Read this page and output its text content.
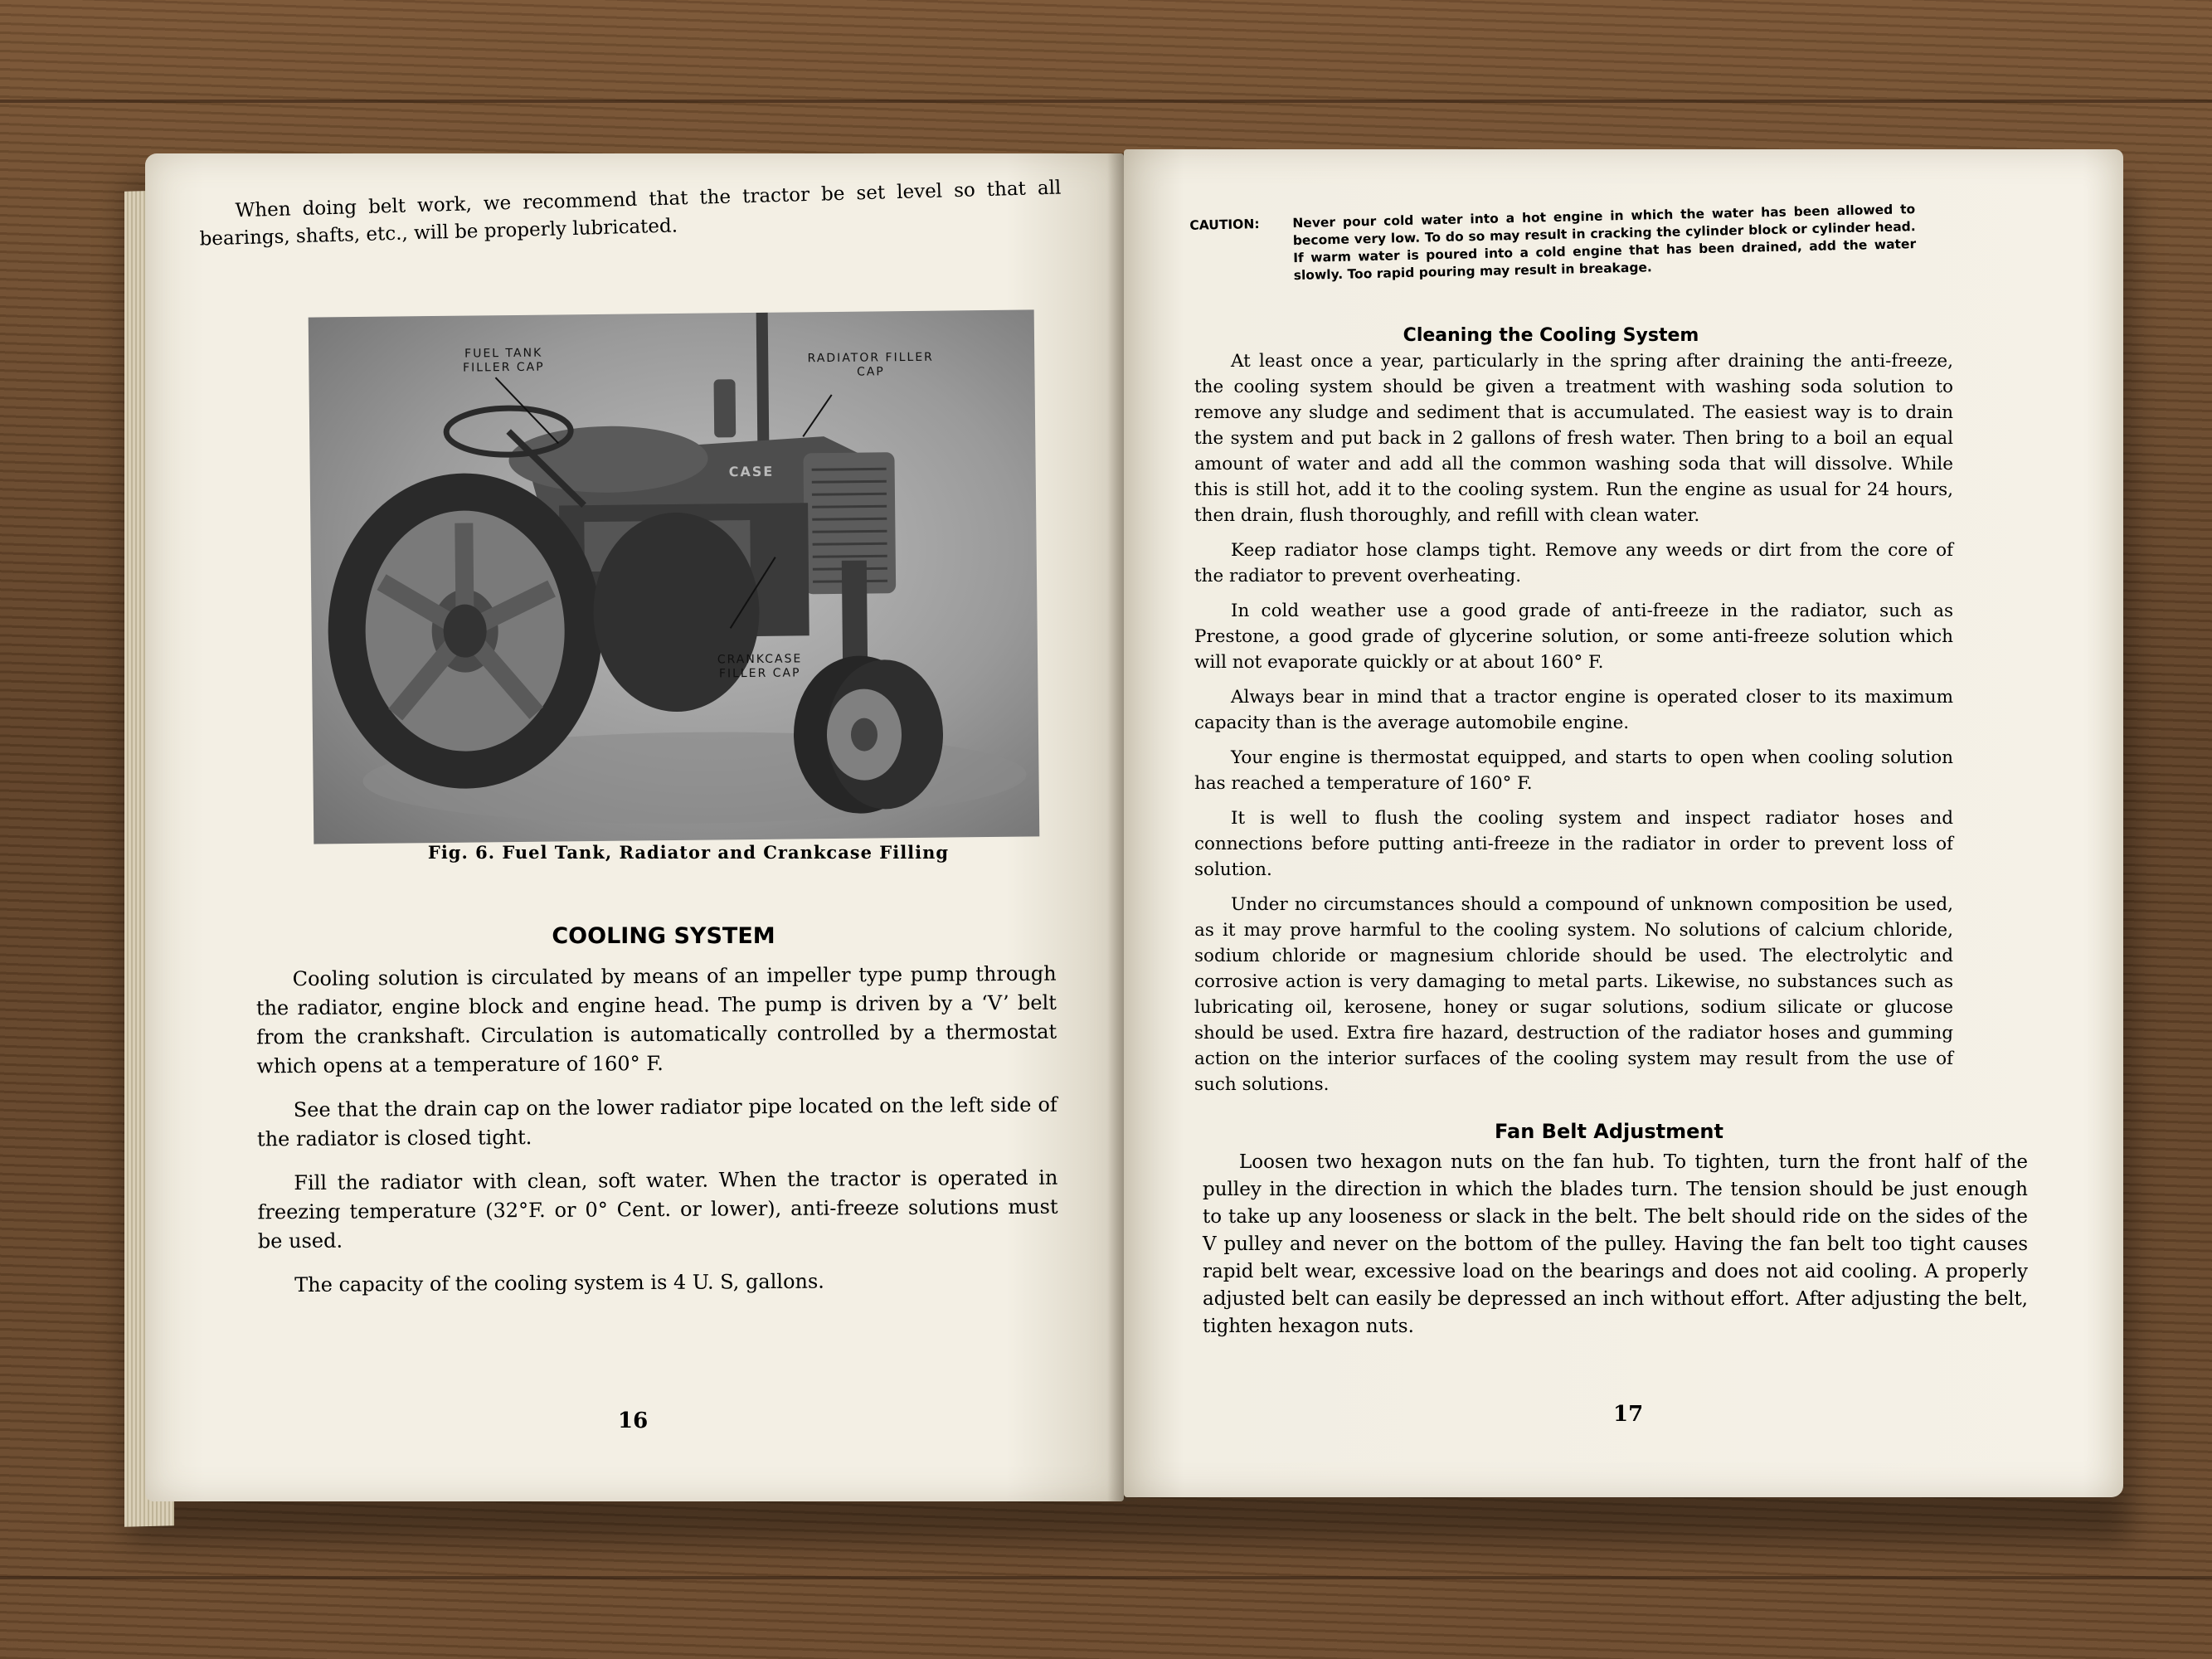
When doing belt work, we recommend that the tractor be set level so that all bearings, shafts, etc., will be properly lubricated.

FUEL TANK FILLER CAP
RADIATOR FILLER CAP
CRANKCASE FILLER CAP
CASE
Fig. 6. Fuel Tank, Radiator and Crankcase Filling
COOLING SYSTEM

Cooling solution is circulated by means of an impeller type pump through the radiator, engine block and engine head. The pump is driven by a ‘V’ belt from the crankshaft. Circulation is automatically controlled by a thermostat which opens at a temperature of 160° F.

See that the drain cap on the lower radiator pipe located on the left side of the radiator is closed tight.

Fill the radiator with clean, soft water. When the tractor is operated in freezing temperature (32°F. or 0° Cent. or lower), anti-freeze solutions must be used.

The capacity of the cooling system is 4 U. S, gallons.

16
CAUTION:	Never pour cold water into a hot engine in which the water has been allowed to become very low. To do so may result in cracking the cylinder block or cylinder head. If warm water is poured into a cold engine that has been drained, add the water slowly. Too rapid pouring may result in breakage.
Cleaning the Cooling System

At least once a year, particularly in the spring after draining the anti-freeze, the cooling system should be given a treatment with washing soda solution to remove any sludge and sediment that is accumulated. The easiest way is to drain the system and put back in 2 gallons of fresh water. Then bring to a boil an equal amount of water and add all the common washing soda that will dissolve. While this is still hot, add it to the cooling system. Run the engine as usual for 24 hours, then drain, flush thoroughly, and refill with clean water.

Keep radiator hose clamps tight. Remove any weeds or dirt from the core of the radiator to prevent overheating.

In cold weather use a good grade of anti-freeze in the radiator, such as Prestone, a good grade of glycerine solution, or some anti-freeze solution which will not evaporate quickly or at about 160° F.

Always bear in mind that a tractor engine is operated closer to its maximum capacity than is the average automobile engine.

Your engine is thermostat equipped, and starts to open when cooling solution has reached a temperature of 160° F.

It is well to flush the cooling system and inspect radiator hoses and connections before putting anti-freeze in the radiator in order to prevent loss of solution.

Under no circumstances should a compound of unknown composition be used, as it may prove harmful to the cooling system. No solutions of calcium chloride, sodium chloride or magnesium chloride should be used. The electrolytic and corrosive action is very damaging to metal parts. Likewise, no substances such as lubricating oil, kerosene, honey or sugar solutions, sodium silicate or glucose should be used. Extra fire hazard, destruction of the radiator hoses and gumming action on the interior surfaces of the cooling system may result from the use of such solutions.

Fan Belt Adjustment

Loosen two hexagon nuts on the fan hub. To tighten, turn the front half of the pulley in the direction in which the blades turn. The tension should be just enough to take up any looseness or slack in the belt. The belt should ride on the sides of the V pulley and never on the bottom of the pulley. Having the fan belt too tight causes rapid belt wear, excessive load on the bearings and does not aid cooling. A properly adjusted belt can easily be depressed an inch without effort. After adjusting the belt, tighten hexagon nuts.

17
